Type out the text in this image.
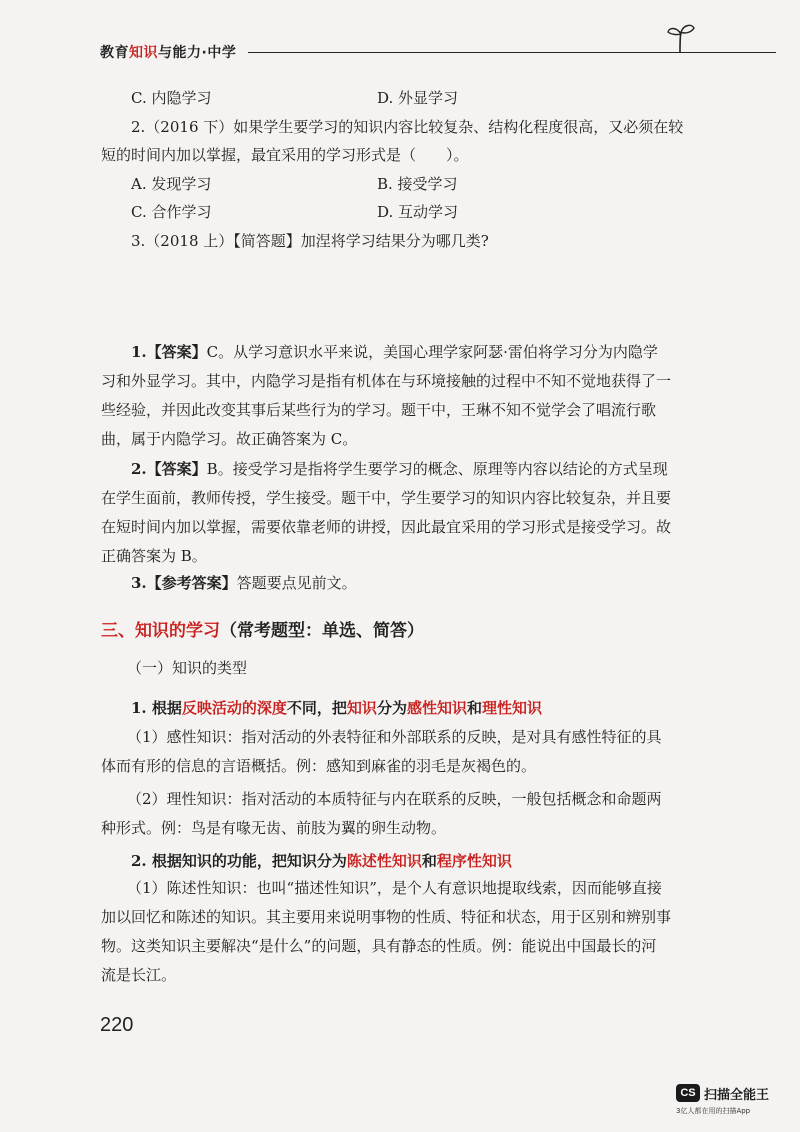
教育知识与能力·中学
C. 内隐学习	D. 外显学习
2.（2016 下）如果学生要学习的知识内容比较复杂、结构化程度很高，又必须在较
短的时间内加以掌握，最宜采用的学习形式是（　　）。
A. 发现学习	B. 接受学习
C. 合作学习	D. 互动学习
3.（2018 上）【简答题】加涅将学习结果分为哪几类?
1.【答案】C。从学习意识水平来说，美国心理学家阿瑟·雷伯将学习分为内隐学习和外显学习。其中，内隐学习是指有机体在与环境接触的过程中不知不觉地获得了一些经验，并因此改变其事后某些行为的学习。题干中，王琳不知不觉学会了唱流行歌曲，属于内隐学习。故正确答案为 C。
2.【答案】B。接受学习是指将学生要学习的概念、原理等内容以结论的方式呈现在学生面前，教师传授，学生接受。题干中，学生要学习的知识内容比较复杂，并且要在短时间内加以掌握，需要依靠老师的讲授，因此最宜采用的学习形式是接受学习。故正确答案为 B。
3.【参考答案】答题要点见前文。
三、知识的学习（常考题型：单选、简答）
（一）知识的类型
1. 根据反映活动的深度不同，把知识分为感性知识和理性知识
（1）感性知识：指对活动的外表特征和外部联系的反映，是对具有感性特征的具体而有形的信息的言语概括。例：感知到麻雀的羽毛是灰褐色的。
（2）理性知识：指对活动的本质特征与内在联系的反映，一般包括概念和命题两种形式。例：鸟是有喙无齿、前肢为翼的卵生动物。
2. 根据知识的功能，把知识分为陈述性知识和程序性知识
（1）陈述性知识：也叫“描述性知识”，是个人有意识地提取线索，因而能够直接加以回忆和陈述的知识。其主要用来说明事物的性质、特征和状态，用于区别和辨别事物。这类知识主要解决“是什么”的问题，具有静态的性质。例：能说出中国最长的河流是长江。
220
CS 扫描全能王
3亿人都在用的扫描App
